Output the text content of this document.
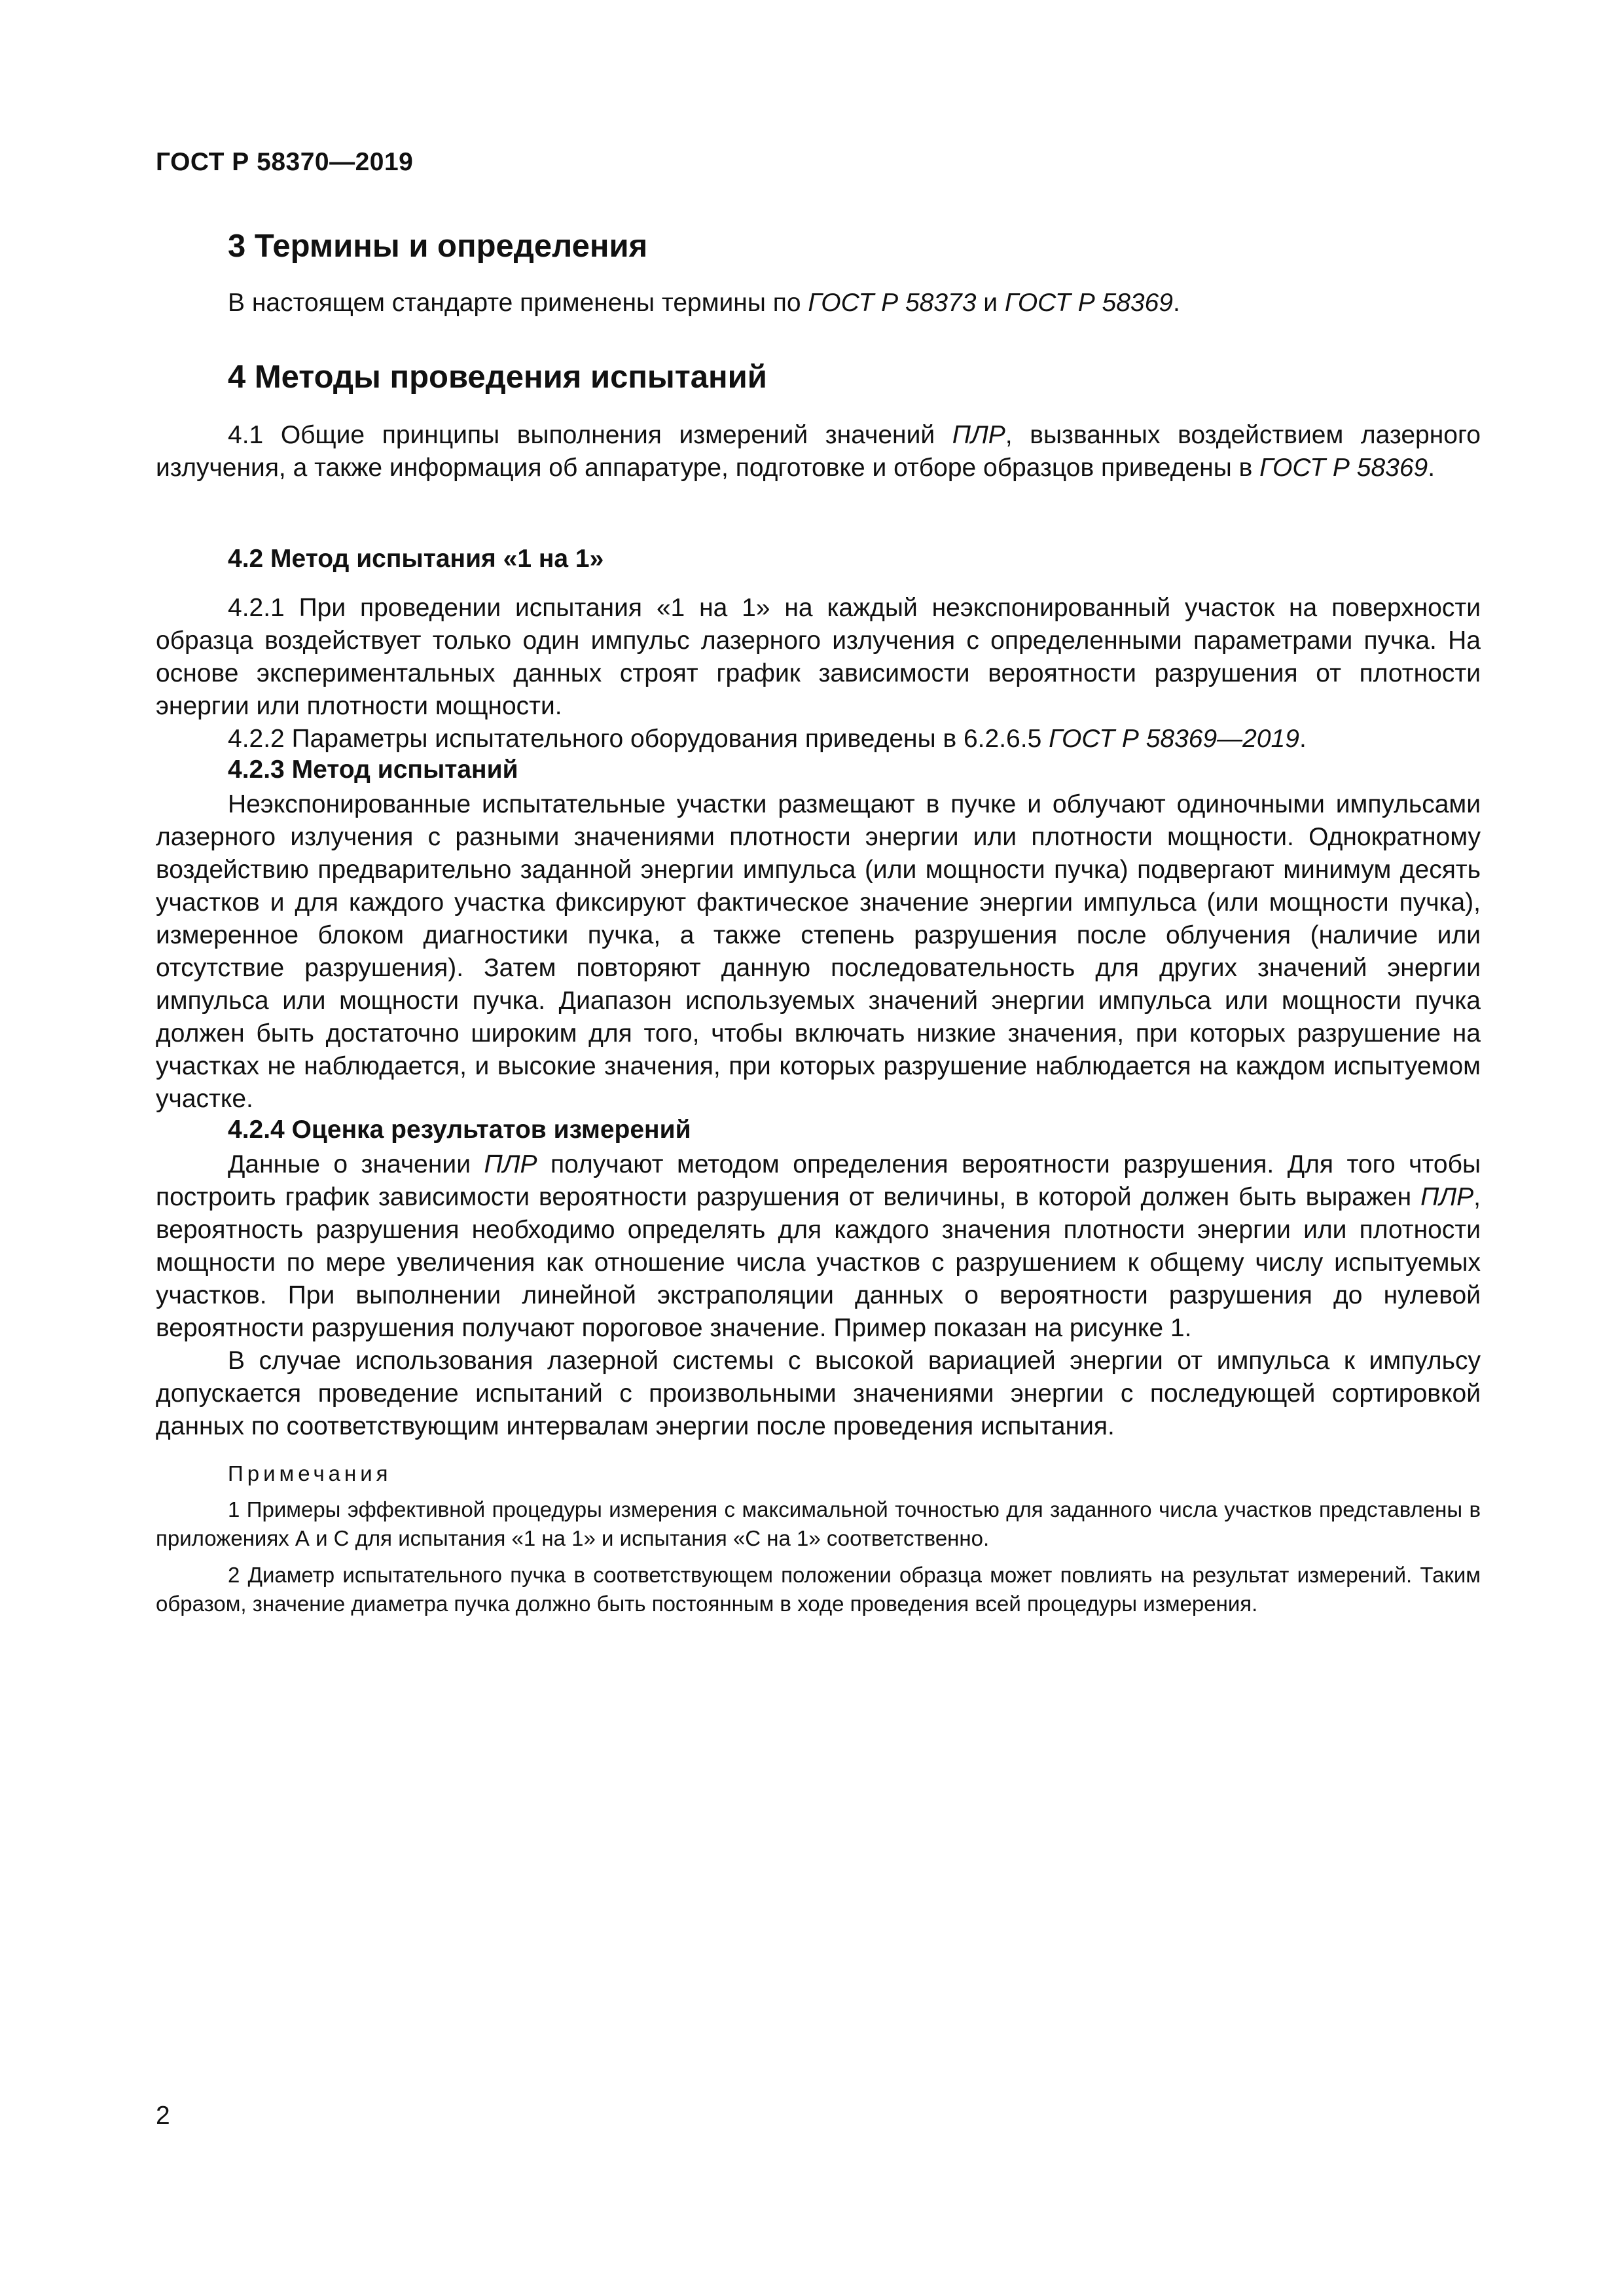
ГОСТ Р 58370—2019
3 Термины и определения
В настоящем стандарте применены термины по ГОСТ Р 58373 и ГОСТ Р 58369.
4 Методы проведения испытаний
4.1 Общие принципы выполнения измерений значений ПЛР, вызванных воздействием лазерного излучения, а также информация об аппаратуре, подготовке и отборе образцов приведены в ГОСТ Р 58369.
4.2 Метод испытания «1 на 1»
4.2.1 При проведении испытания «1 на 1» на каждый неэкспонированный участок на поверхности образца воздействует только один импульс лазерного излучения с определенными параметрами пучка. На основе экспериментальных данных строят график зависимости вероятности разрушения от плотности энергии или плотности мощности.
4.2.2 Параметры испытательного оборудования приведены в 6.2.6.5 ГОСТ Р 58369—2019.
4.2.3 Метод испытаний
Неэкспонированные испытательные участки размещают в пучке и облучают одиночными импульсами лазерного излучения с разными значениями плотности энергии или плотности мощности. Однократному воздействию предварительно заданной энергии импульса (или мощности пучка) подвергают минимум десять участков и для каждого участка фиксируют фактическое значение энергии импульса (или мощности пучка), измеренное блоком диагностики пучка, а также степень разрушения после облучения (наличие или отсутствие разрушения). Затем повторяют данную последовательность для других значений энергии импульса или мощности пучка. Диапазон используемых значений энергии импульса или мощности пучка должен быть достаточно широким для того, чтобы включать низкие значения, при которых разрушение на участках не наблюдается, и высокие значения, при которых разрушение наблюдается на каждом испытуемом участке.
4.2.4 Оценка результатов измерений
Данные о значении ПЛР получают методом определения вероятности разрушения. Для того чтобы построить график зависимости вероятности разрушения от величины, в которой должен быть выражен ПЛР, вероятность разрушения необходимо определять для каждого значения плотности энергии или плотности мощности по мере увеличения как отношение числа участков с разрушением к общему числу испытуемых участков. При выполнении линейной экстраполяции данных о вероятности разрушения до нулевой вероятности разрушения получают пороговое значение. Пример показан на рисунке 1.
В случае использования лазерной системы с высокой вариацией энергии от импульса к импульсу допускается проведение испытаний с произвольными значениями энергии с последующей сортировкой данных по соответствующим интервалам энергии после проведения испытания.
Примечания
1 Примеры эффективной процедуры измерения с максимальной точностью для заданного числа участков представлены в приложениях А и С для испытания «1 на 1» и испытания «С на 1» соответственно.
2 Диаметр испытательного пучка в соответствующем положении образца может повлиять на результат измерений. Таким образом, значение диаметра пучка должно быть постоянным в ходе проведения всей процедуры измерения.
2
